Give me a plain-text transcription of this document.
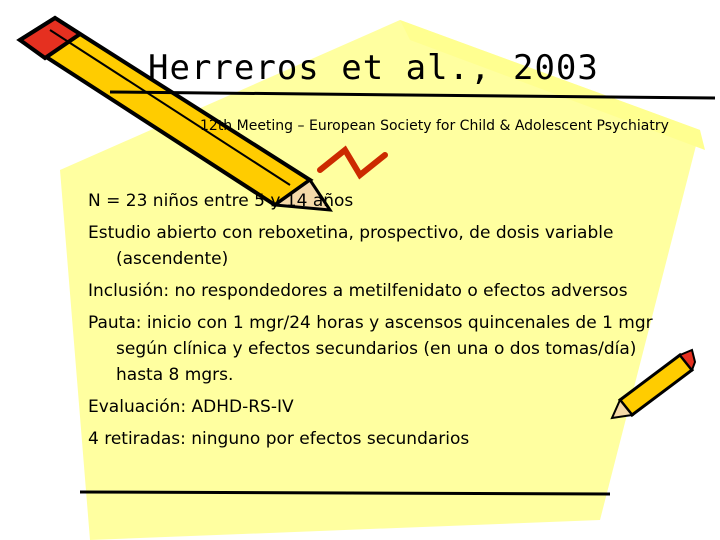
Herreros et al., 2003
12th Meeting – European Society for Child & Adolescent Psychiatry
N = 23 niños entre 5 y 14 años
Estudio abierto con reboxetina, prospectivo, de dosis variable (ascendente)
Inclusión: no respondedores a metilfenidato o efectos adversos
Pauta: inicio con 1 mgr/24 horas y ascensos quincenales de 1 mgr según clínica y efectos secundarios (en una o dos tomas/día) hasta 8 mgrs.
Evaluación: ADHD-RS-IV
4 retiradas: ninguno por efectos secundarios
